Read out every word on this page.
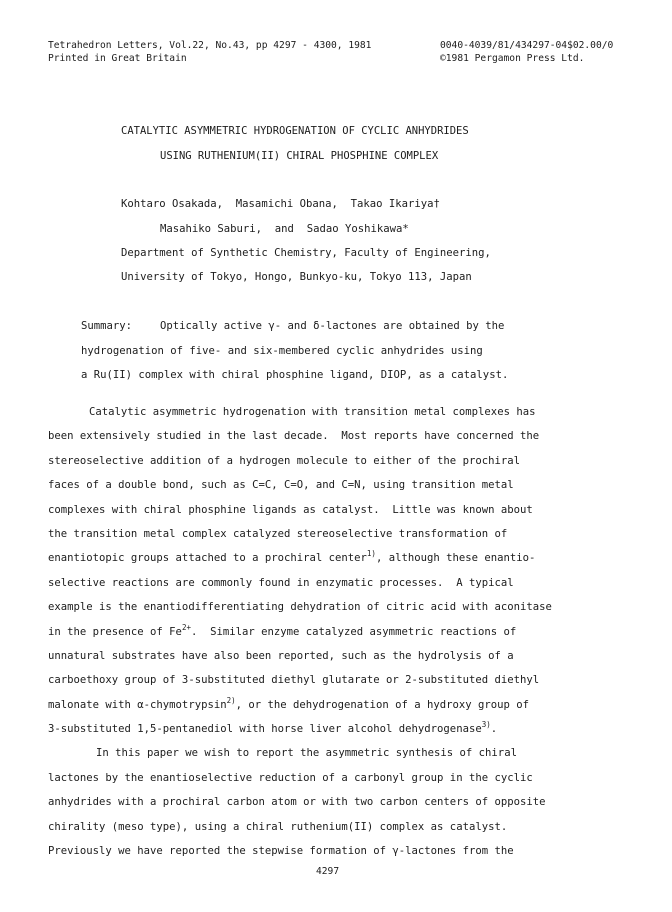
Tetrahedron Letters, Vol.22, No.43, pp 4297 - 4300, 1981
Printed in Great Britain
0040-4039/81/434297-04$02.00/0
©1981 Pergamon Press Ltd.
CATALYTIC ASYMMETRIC HYDROGENATION OF CYCLIC ANHYDRIDES
USING RUTHENIUM(II) CHIRAL PHOSPHINE COMPLEX
Kohtaro Osakada,  Masamichi Obana,  Takao Ikariya†
Masahiko Saburi,  and  Sadao Yoshikawa*
Department of Synthetic Chemistry, Faculty of Engineering,
University of Tokyo, Hongo, Bunkyo-ku, Tokyo 113, Japan
Summary:	Optically active γ- and δ-lactones are obtained by the
hydrogenation of five- and six-membered cyclic anhydrides using
a Ru(II) complex with chiral phosphine ligand, DIOP, as a catalyst.
Catalytic asymmetric hydrogenation with transition metal complexes has
been extensively studied in the last decade.  Most reports have concerned the
stereoselective addition of a hydrogen molecule to either of the prochiral
faces of a double bond, such as C=C, C=O, and C=N, using transition metal
complexes with chiral phosphine ligands as catalyst.  Little was known about
the transition metal complex catalyzed stereoselective transformation of
enantiotopic groups attached to a prochiral center$^{1)}$, although these enantio-
selective reactions are commonly found in enzymatic processes.  A typical
example is the enantiodifferentiating dehydration of citric acid with aconitase
in the presence of $Fe^{2+}$.  Similar enzyme catalyzed asymmetric reactions of
unnatural substrates have also been reported, such as the hydrolysis of a
carboethoxy group of 3-substituted diethyl glutarate or 2-substituted diethyl
malonate with α-chymotrypsin$^{2)}$, or the dehydrogenation of a hydroxy group of
3-substituted 1,5-pentanediol with horse liver alcohol dehydrogenase$^{3)}$.
In this paper we wish to report the asymmetric synthesis of chiral
lactones by the enantioselective reduction of a carbonyl group in the cyclic
anhydrides with a prochiral carbon atom or with two carbon centers of opposite
chirality (meso type), using a chiral ruthenium(II) complex as catalyst.
Previously we have reported the stepwise formation of γ-lactones from the
4297
